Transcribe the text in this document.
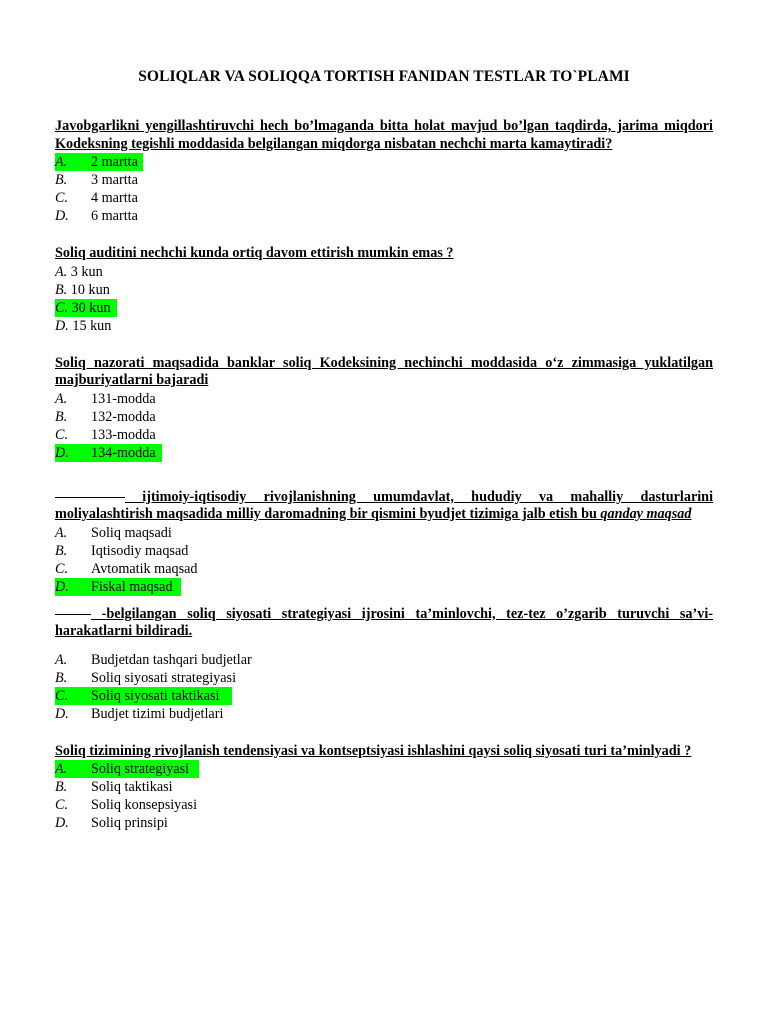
SOLIQLAR VA SOLIQQA TORTISH FANIDAN TESTLAR TO`PLAMI

Javobgarlikni yengillashtiruvchi hech bo’lmaganda bitta holat mavjud bo’lgan taqdirda, jarima miqdori Kodeksning tegishli moddasida belgilangan miqdorga nisbatan nechchi marta kamaytiradi?

A. 2 martta
B. 3 martta
C. 4 martta
D. 6 martta

Soliq auditini nechchi kunda ortiq davom ettirish mumkin emas ?

A. 3 kun
B. 10 kun
C. 30 kun
D. 15 kun

Soliq nazorati maqsadida banklar soliq Kodeksining nechinchi moddasida o‘z zimmasiga yuklatilgan majburiyatlarni bajaradi

A. 131-modda
B. 132-modda
C. 133-modda
D. 134-modda

ijtimoiy-iqtisodiy rivojlanishning umumdavlat, hududiy va mahalliy dasturlarini moliyalashtirish maqsadida milliy daromadning bir qismini byudjet tizimiga jalb etish bu qanday maqsad

A. Soliq maqsadi
B. Iqtisodiy maqsad
C. Avtomatik maqsad
D. Fiskal maqsad

-belgilangan soliq siyosati strategiyasi ijrosini ta’minlovchi, tez-tez o’zgarib turuvchi sa’vi-harakatlarni bildiradi.

A. Budjetdan tashqari budjetlar
B. Soliq siyosati strategiyasi
C. Soliq siyosati taktikasi
D. Budjet tizimi budjetlari

Soliq tizimining rivojlanish tendensiyasi va kontseptsiyasi ishlashini qaysi soliq siyosati turi ta’minlyadi ?

A. Soliq strategiyasi
B. Soliq taktikasi
C. Soliq konsepsiyasi
D. Soliq prinsipi
